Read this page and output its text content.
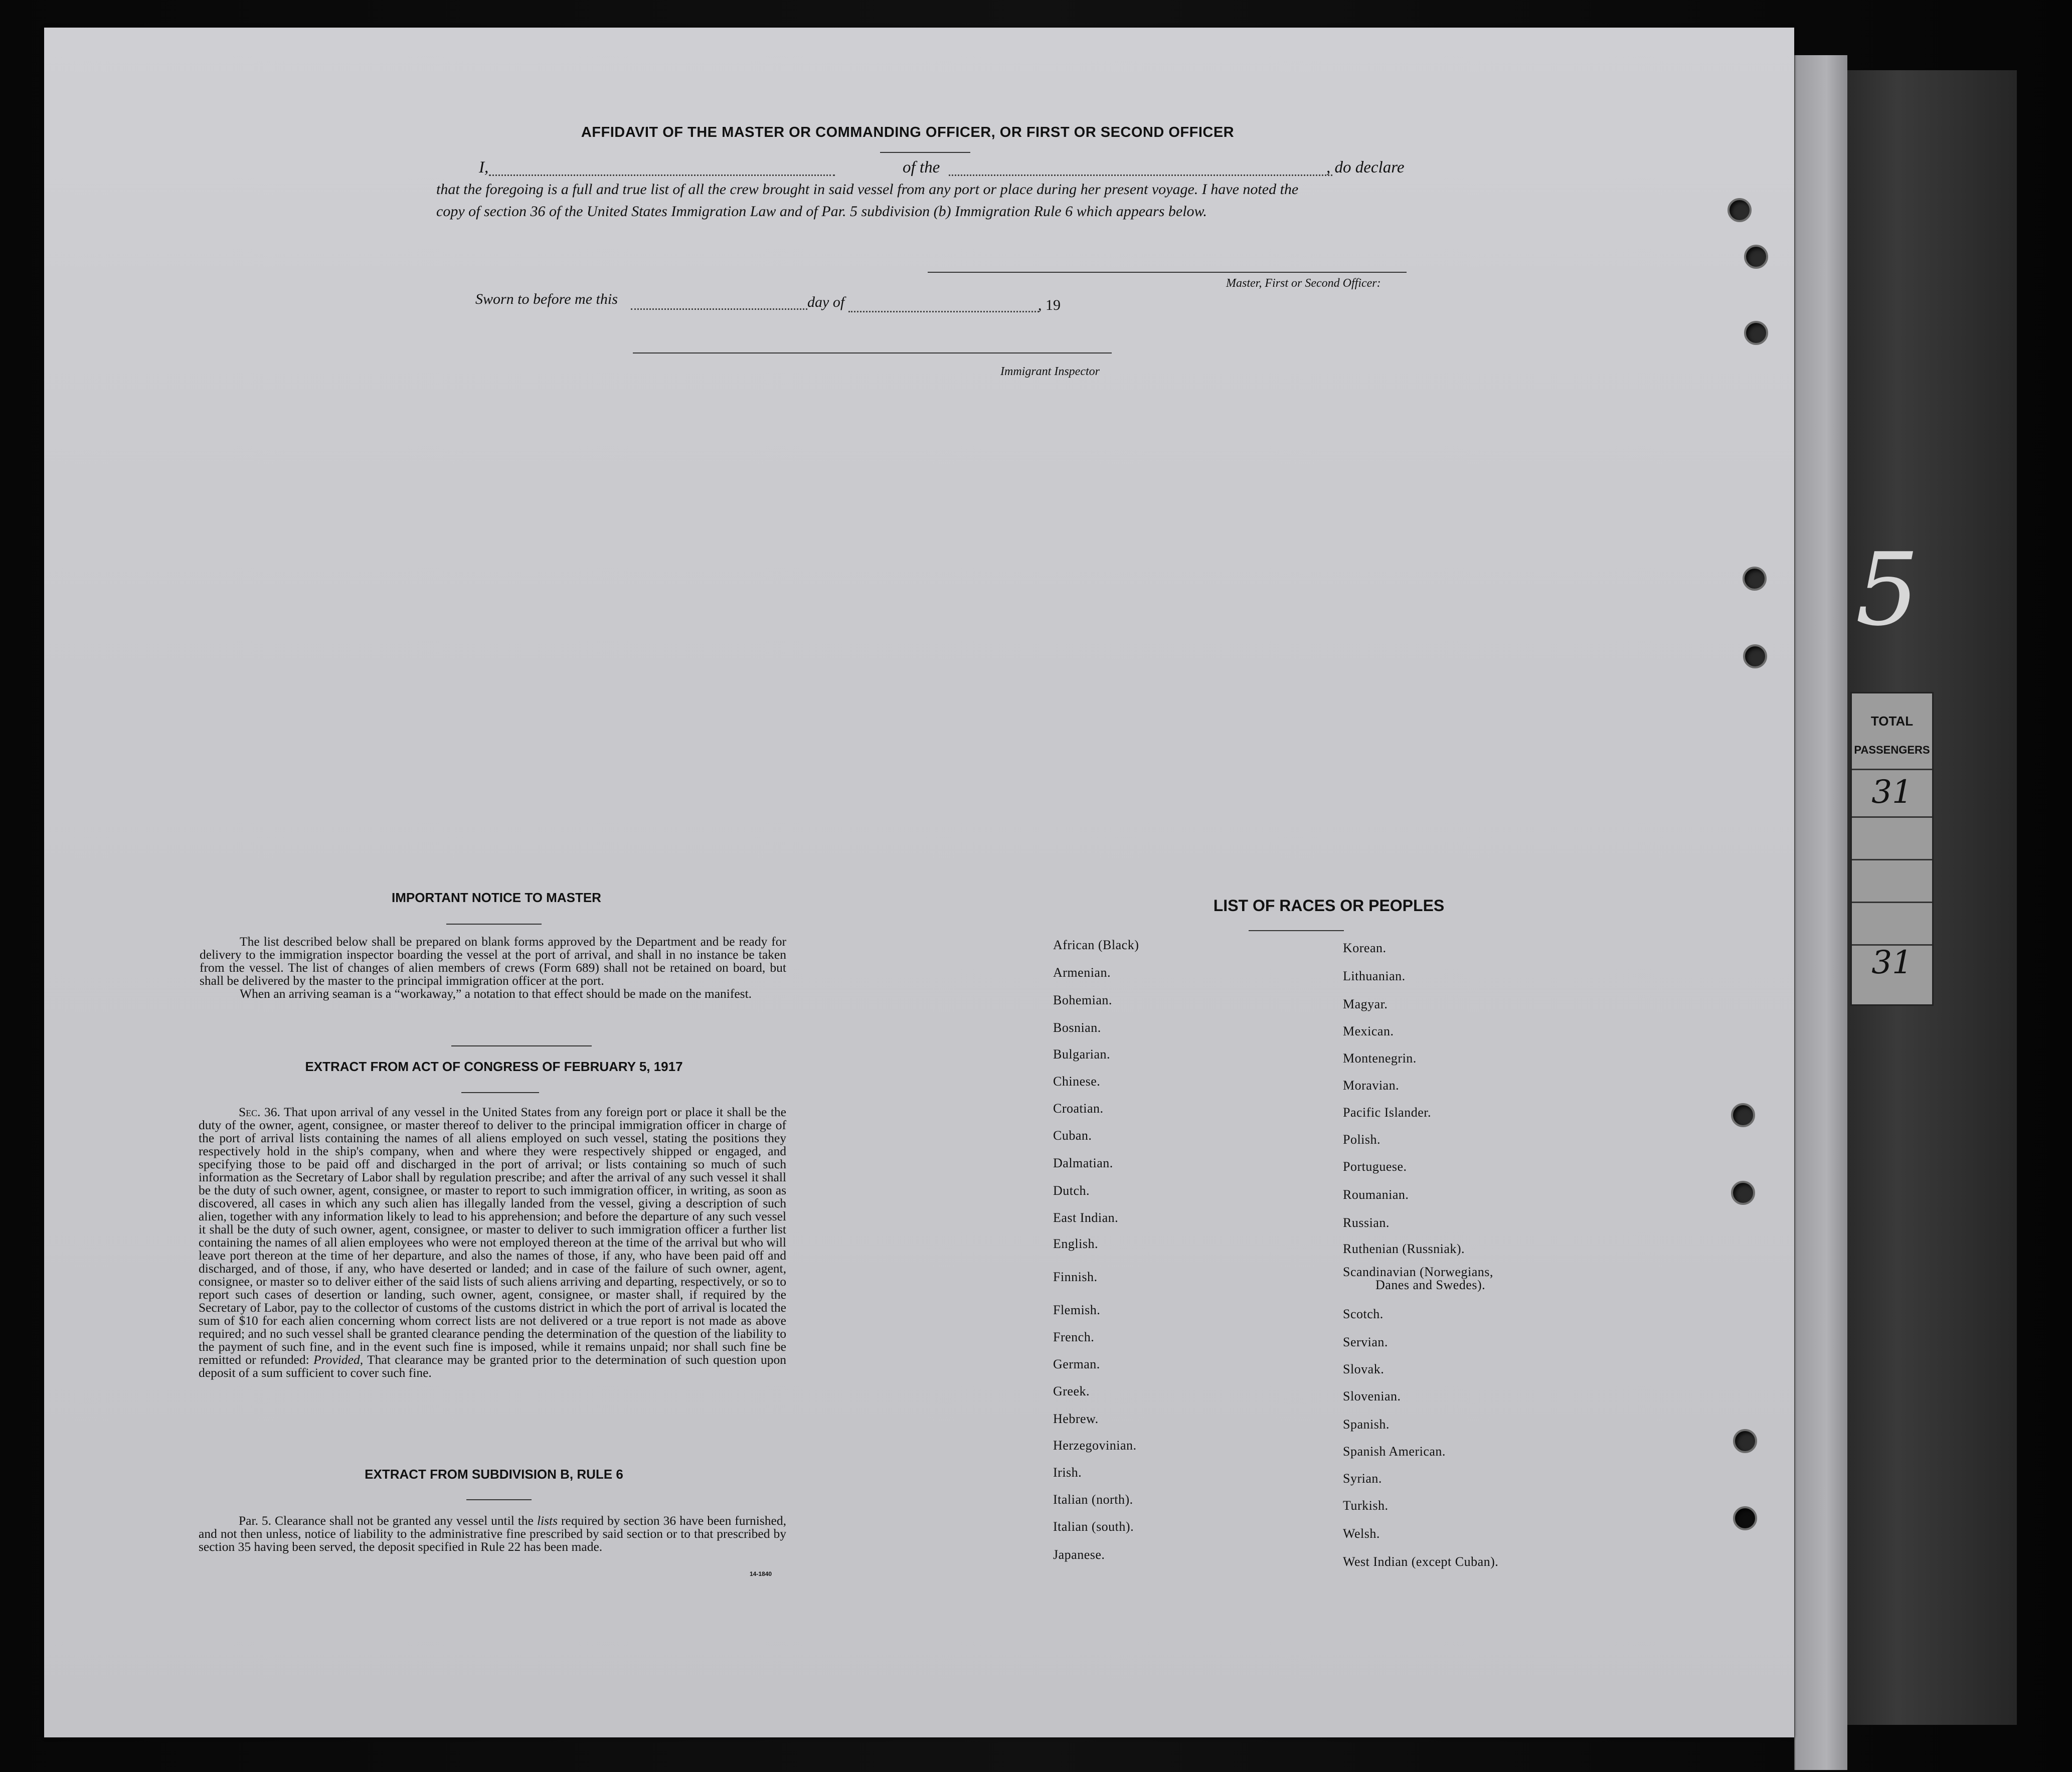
5
TOTAL
PASSENGERS
31
31
AFFIDAVIT OF THE MASTER OR COMMANDING OFFICER, OR FIRST OR SECOND OFFICER
I,	of the	, do declare
that the foregoing is a full and true list of all the crew brought in said vessel from any port or place during her present voyage. I have noted the
copy of section 36 of the United States Immigration Law and of Par. 5 subdivision (b) Immigration Rule 6 which appears below.
Master, First or Second Officer:
Sworn to before me this	day of	, 19
Immigrant Inspector
IMPORTANT NOTICE TO MASTER

The list described below shall be prepared on blank forms approved by the Department and be ready for delivery to the immigration inspector boarding the vessel at the port of arrival, and shall in no instance be taken from the vessel. The list of changes of alien members of crews (Form 689) shall not be retained on board, but shall be delivered by the master to the principal immigration officer at the port.

When an arriving seaman is a “workaway,” a notation to that effect should be made on the manifest.

EXTRACT FROM ACT OF CONGRESS OF FEBRUARY 5, 1917

Sec. 36. That upon arrival of any vessel in the United States from any foreign port or place it shall be the duty of the owner, agent, consignee, or master thereof to deliver to the principal immigration officer in charge of the port of arrival lists containing the names of all aliens employed on such vessel, stating the positions they respectively hold in the ship's company, when and where they were respectively shipped or engaged, and specifying those to be paid off and discharged in the port of arrival; or lists containing so much of such information as the Secretary of Labor shall by regulation prescribe; and after the arrival of any such vessel it shall be the duty of such owner, agent, consignee, or master to report to such immigration officer, in writing, as soon as discovered, all cases in which any such alien has illegally landed from the vessel, giving a description of such alien, together with any information likely to lead to his apprehension; and before the departure of any such vessel it shall be the duty of such owner, agent, consignee, or master to deliver to such immigration officer a further list containing the names of all alien employees who were not employed thereon at the time of the arrival but who will leave port thereon at the time of her departure, and also the names of those, if any, who have been paid off and discharged, and of those, if any, who have deserted or landed; and in case of the failure of such owner, agent, consignee, or master so to deliver either of the said lists of such aliens arriving and departing, respectively, or so to report such cases of desertion or landing, such owner, agent, consignee, or master shall, if required by the Secretary of Labor, pay to the collector of customs of the customs district in which the port of arrival is located the sum of $10 for each alien concerning whom correct lists are not delivered or a true report is not made as above required; and no such vessel shall be granted clearance pending the determination of the question of the liability to the payment of such fine, and in the event such fine is imposed, while it remains unpaid; nor shall such fine be remitted or refunded: Provided, That clearance may be granted prior to the determination of such question upon deposit of a sum sufficient to cover such fine.

EXTRACT FROM SUBDIVISION B, RULE 6

Par. 5. Clearance shall not be granted any vessel until the lists required by section 36 have been furnished, and not then unless, notice of liability to the administrative fine prescribed by said section or to that prescribed by section 35 having been served, the deposit specified in Rule 22 has been made.

14-1840
LIST OF RACES OR PEOPLES
African (Black)
Armenian.
Bohemian.
Bosnian.
Bulgarian.
Chinese.
Croatian.
Cuban.
Dalmatian.
Dutch.
East Indian.
English.
Finnish.
Flemish.
French.
German.
Greek.
Hebrew.
Herzegovinian.
Irish.
Italian (north).
Italian (south).
Japanese.
Korean.
Lithuanian.
Magyar.
Mexican.
Montenegrin.
Moravian.
Pacific Islander.
Polish.
Portuguese.
Roumanian.
Russian.
Ruthenian (Russniak).
Scandinavian (Norwegians,
Danes and Swedes).
Scotch.
Servian.
Slovak.
Slovenian.
Spanish.
Spanish American.
Syrian.
Turkish.
Welsh.
West Indian (except Cuban).
